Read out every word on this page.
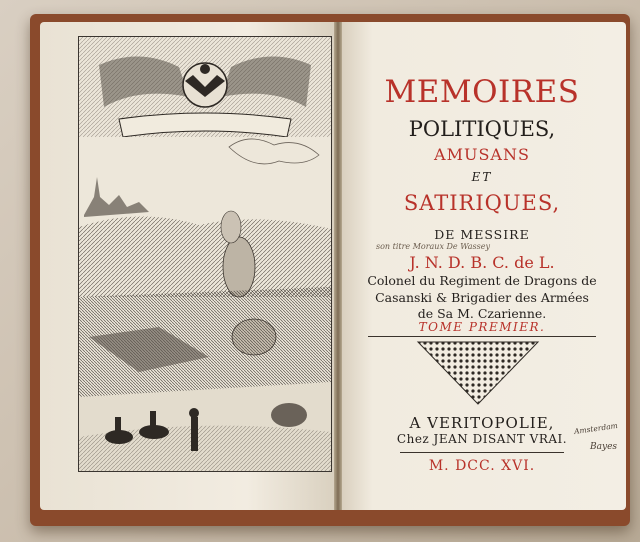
MEMOIRES
POLITIQUES,
AMUSANS
ET
SATIRIQUES,
DE MESSIRE
son titre Moraux De Wassey
J. N. D. B. C. de L.
Colonel du Regiment de Dragons de
Casanski & Brigadier des Armées
de Sa M. Czarienne.
TOME PREMIER.
A VERITOPOLIE,
Chez JEAN DISANT VRAI.
M. DCC. XVI.
Amsterdam
Bayes
